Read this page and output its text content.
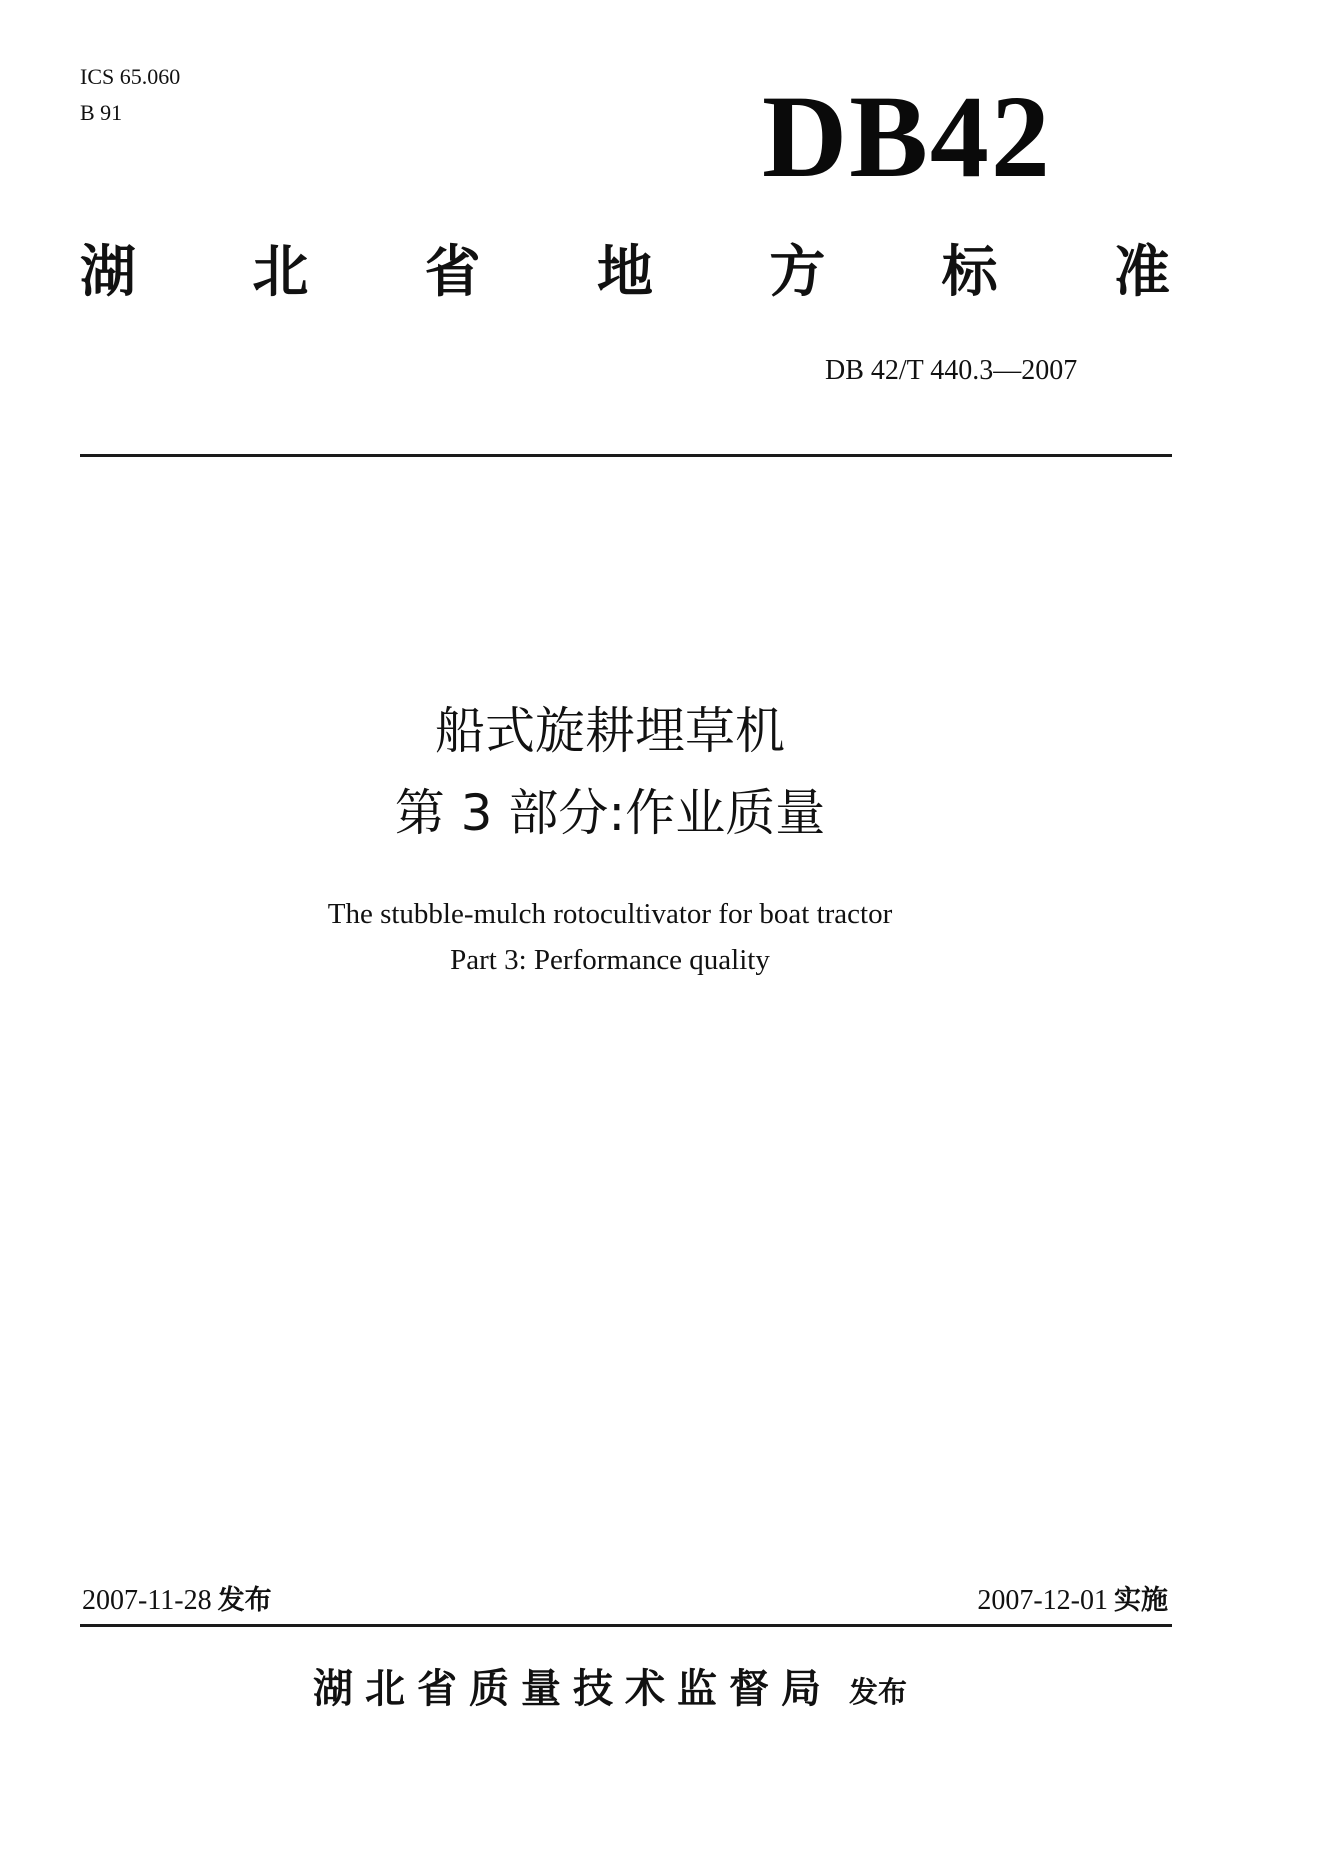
ICS 65.060
B 91	DB42
湖 北 省 地 方 标 准
DB 42/T 440.3—2007
船式旋耕埋草机
第 3 部分:作业质量
The stubble-mulch rotocultivator for boat tractor
Part 3: Performance quality
2007-11-28 发布	2007-12-01 实施
湖北省质量技术监督局 发布
